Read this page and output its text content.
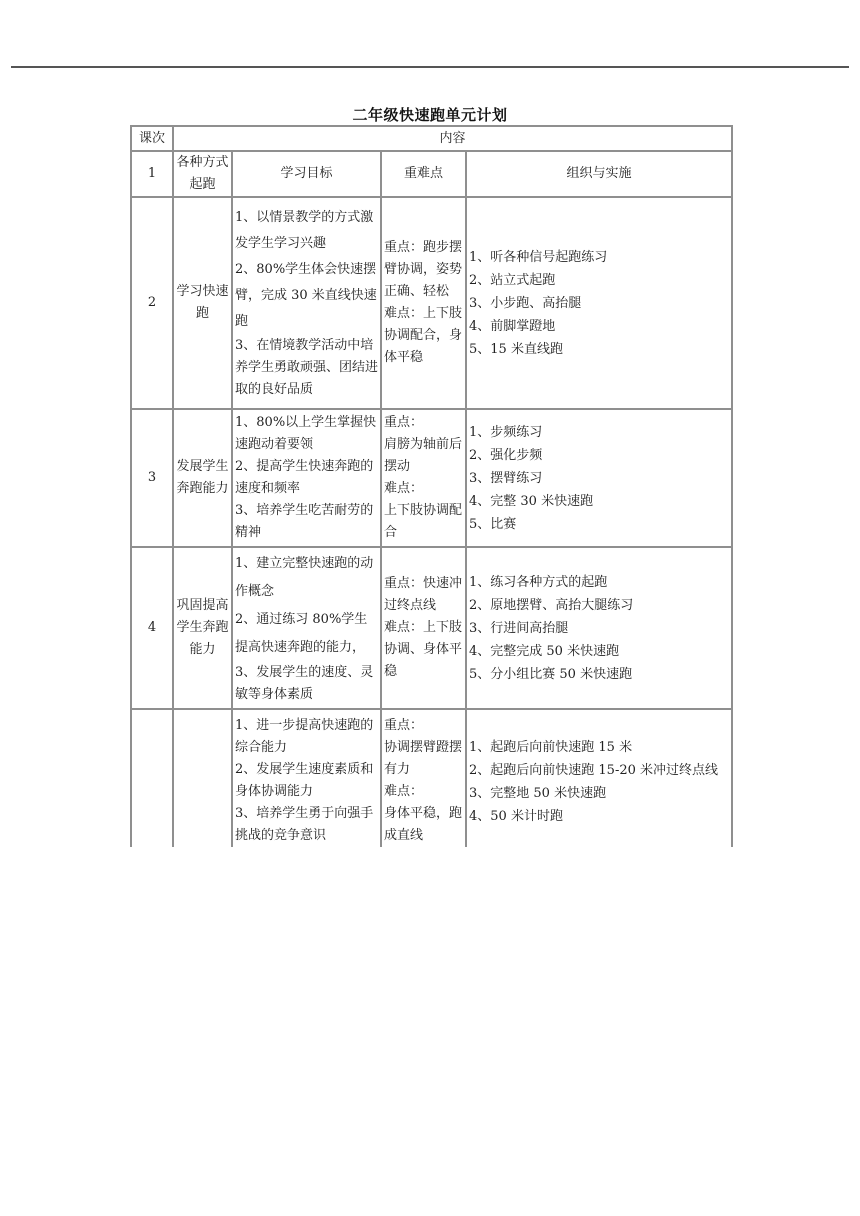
二年级快速跑单元计划
课次	内容			
1	各种方式起跑	学习目标	重难点	组织与实施
2	学习快速跑	1、以情景教学的方式激发学生学习兴趣
2、80%学生体会快速摆臂，完成 30 米直线快速跑
3、在情境教学活动中培养学生勇敢顽强、团结进取的良好品质	重点：跑步摆臂协调，姿势正确、轻松
难点：上下肢协调配合，身体平稳	1、听各种信号起跑练习
2、站立式起跑
3、小步跑、高抬腿
4、前脚掌蹬地
5、15 米直线跑

3	发展学生奔跑能力	1、80%以上学生掌握快速跑动着要领
2、提高学生快速奔跑的速度和频率
3、培养学生吃苦耐劳的精神	重点：
肩膀为轴前后摆动
难点：
上下肢协调配合	1、步频练习
2、强化步频
3、摆臂练习
4、完整 30 米快速跑
5、比赛

4	巩固提高学生奔跑能力	1、建立完整快速跑的动作概念
2、通过练习 80%学生提高快速奔跑的能力，
3、发展学生的速度、灵敏等身体素质	重点：快速冲过终点线
难点：上下肢协调、身体平稳	1、练习各种方式的起跑
2、原地摆臂、高抬大腿练习
3、行进间高抬腿
4、完整完成 50 米快速跑
5、分小组比赛 50 米快速跑

		1、进一步提高快速跑的综合能力
2、发展学生速度素质和身体协调能力
3、培养学生勇于向强手挑战的竞争意识	重点：
协调摆臂蹬摆有力
难点：
身体平稳，跑成直线	1、起跑后向前快速跑 15 米
2、起跑后向前快速跑 15-20 米冲过终点线
3、完整地 50 米快速跑
4、50 米计时跑
